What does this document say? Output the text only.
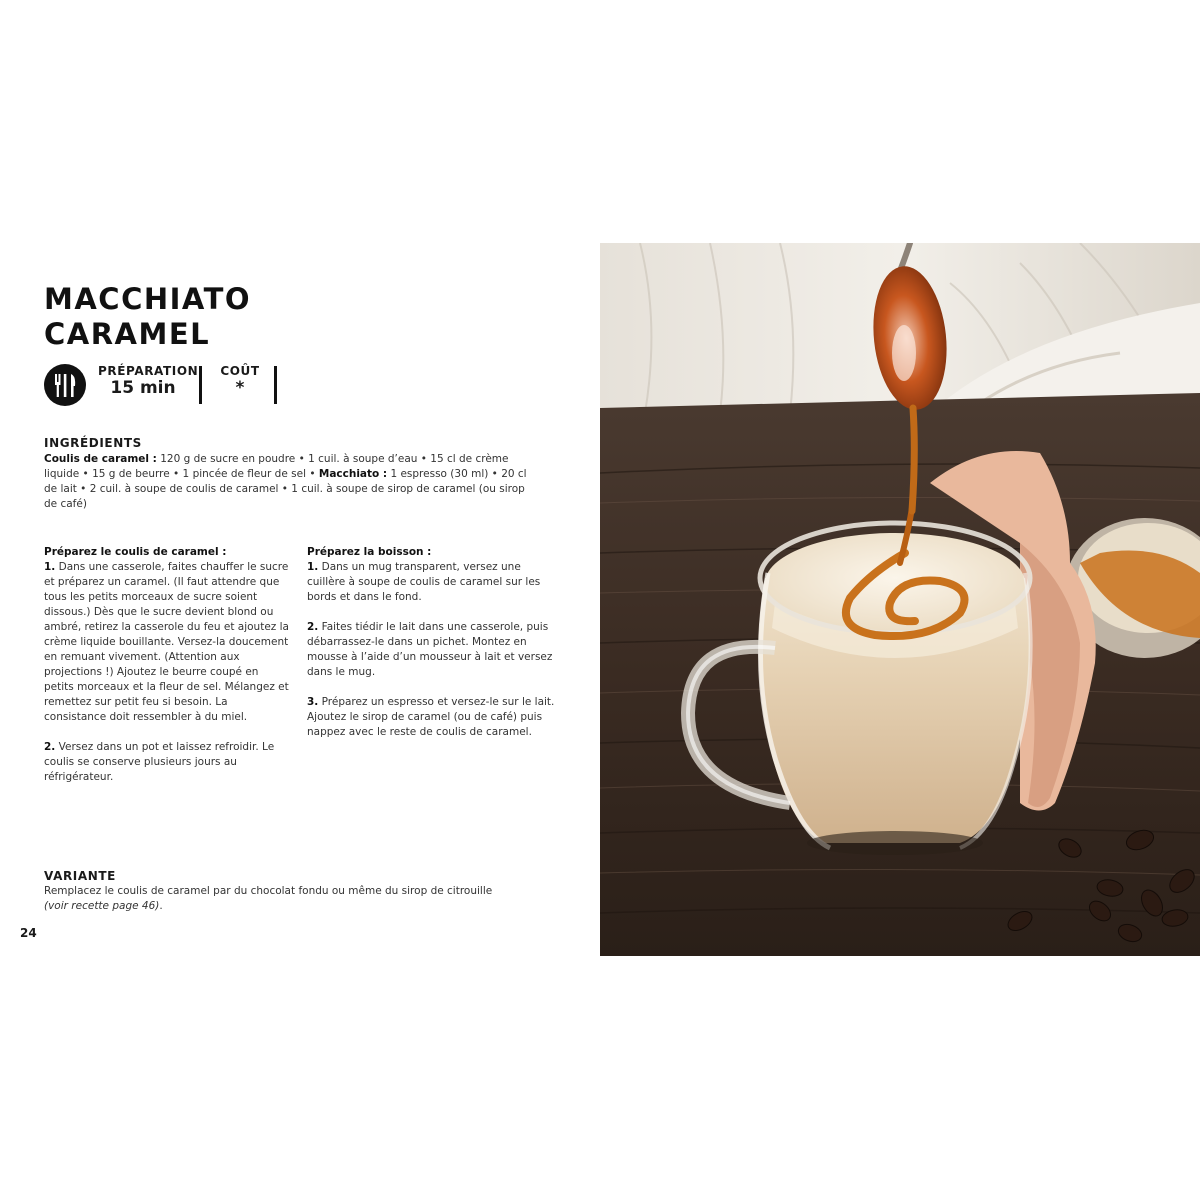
MACCHIATO
CARAMEL
PRÉPARATION
15 min
COÛT
*
INGRÉDIENTS

Coulis de caramel : 120 g de sucre en poudre • 1 cuil. à soupe d’eau • 15 cl de crème liquide • 15 g de beurre • 1 pincée de fleur de sel • Macchiato : 1 espresso (30 ml) • 20 cl de lait • 2 cuil. à soupe de coulis de caramel • 1 cuil. à soupe de sirop de caramel (ou sirop de café)

Préparez le coulis de caramel :
1. Dans une casserole, faites chauffer le sucre et préparez un caramel. (Il faut attendre que tous les petits morceaux de sucre soient dissous.) Dès que le sucre devient blond ou ambré, retirez la casserole du feu et ajoutez la crème liquide bouillante. Versez-la doucement en remuant vivement. (Attention aux projections !) Ajoutez le beurre coupé en petits morceaux et la fleur de sel. Mélangez et remettez sur petit feu si besoin. La consistance doit ressembler à du miel.
2. Versez dans un pot et laissez refroidir. Le coulis se conserve plusieurs jours au réfrigérateur.
Préparez la boisson :
1. Dans un mug transparent, versez une cuillère à soupe de coulis de caramel sur les bords et dans le fond.
2. Faites tiédir le lait dans une casserole, puis débarrassez-le dans un pichet. Montez en mousse à l’aide d’un mousseur à lait et versez dans le mug.
3. Préparez un espresso et versez-le sur le lait. Ajoutez le sirop de caramel (ou de café) puis nappez avec le reste de coulis de caramel.
VARIANTE

Remplacez le coulis de caramel par du chocolat fondu ou même du sirop de citrouille (voir recette page 46).

24
